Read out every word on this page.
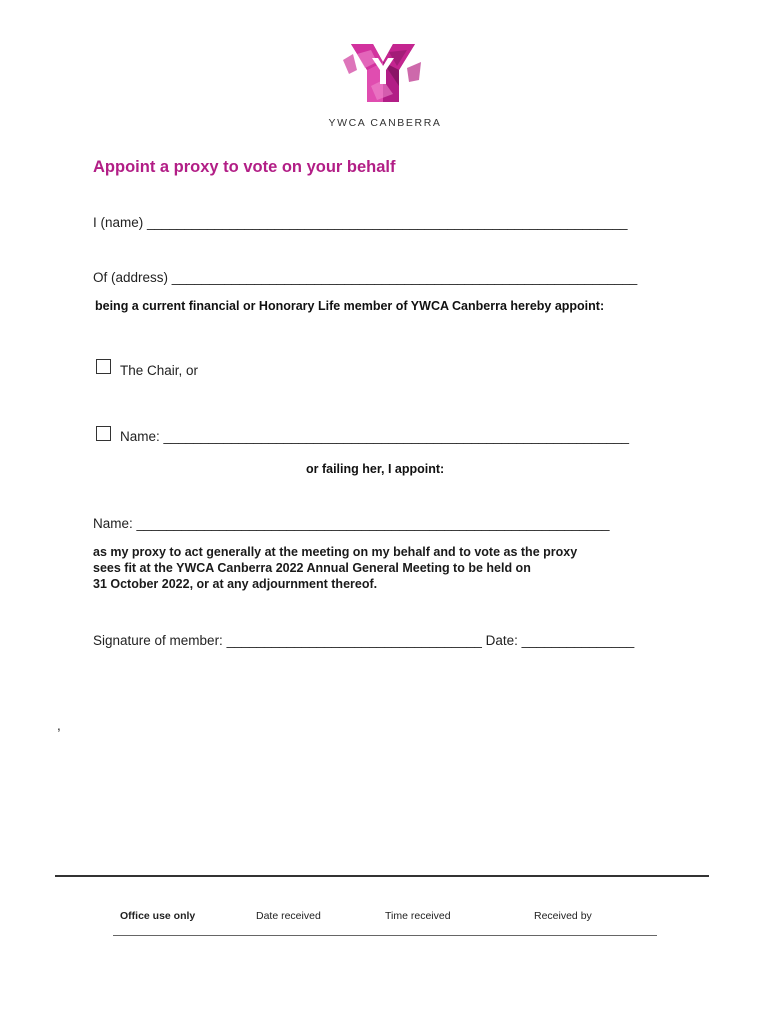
YWCA CANBERRA
Appoint a proxy to vote on your behalf
I (name) ________________________________________________________________
Of (address) ______________________________________________________________
being a current financial or Honorary Life member of YWCA Canberra hereby appoint:
The Chair, or
Name: ______________________________________________________________
or failing her, I appoint:
Name: _______________________________________________________________
as my proxy to act generally at the meeting on my behalf and to vote as the proxy
sees fit at the YWCA Canberra 2022 Annual General Meeting to be held on
31 October 2022, or at any adjournment thereof.
Signature of member: __________________________________ Date: _______________
,
Office use only	Date received	Time received	Received by
